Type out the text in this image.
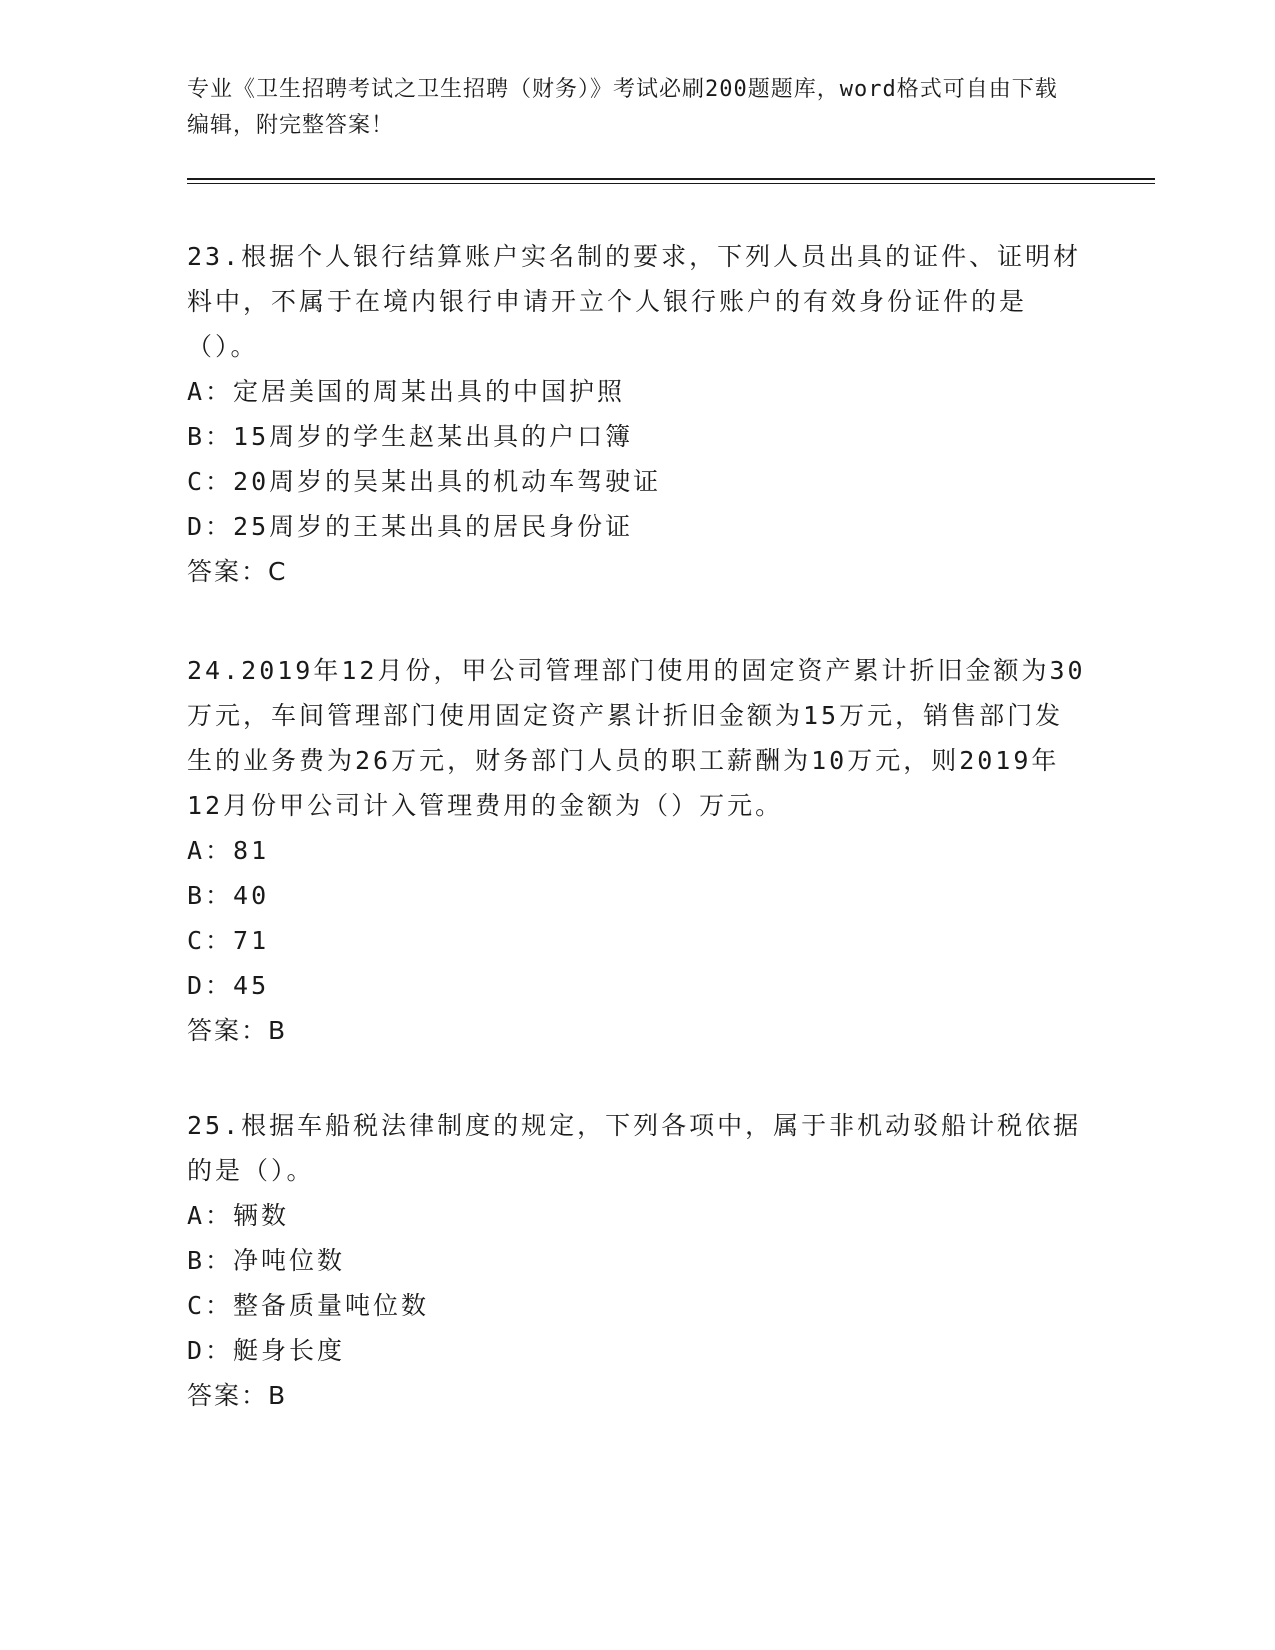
专业《卫生招聘考试之卫生招聘（财务）》考试必刷200题题库，word格式可自由下载编辑，附完整答案！
23.根据个人银行结算账户实名制的要求，下列人员出具的证件、证明材料中，不属于在境内银行申请开立个人银行账户的有效身份证件的是（）。
A：定居美国的周某出具的中国护照
B：15周岁的学生赵某出具的户口簿
C：20周岁的吴某出具的机动车驾驶证
D：25周岁的王某出具的居民身份证
答案：C
24.2019年12月份，甲公司管理部门使用的固定资产累计折旧金额为30万元，车间管理部门使用固定资产累计折旧金额为15万元，销售部门发生的业务费为26万元，财务部门人员的职工薪酬为10万元，则2019年12月份甲公司计入管理费用的金额为（）万元。
A：81
B：40
C：71
D：45
答案：B
25.根据车船税法律制度的规定，下列各项中，属于非机动驳船计税依据的是（）。
A：辆数
B：净吨位数
C：整备质量吨位数
D：艇身长度
答案：B
